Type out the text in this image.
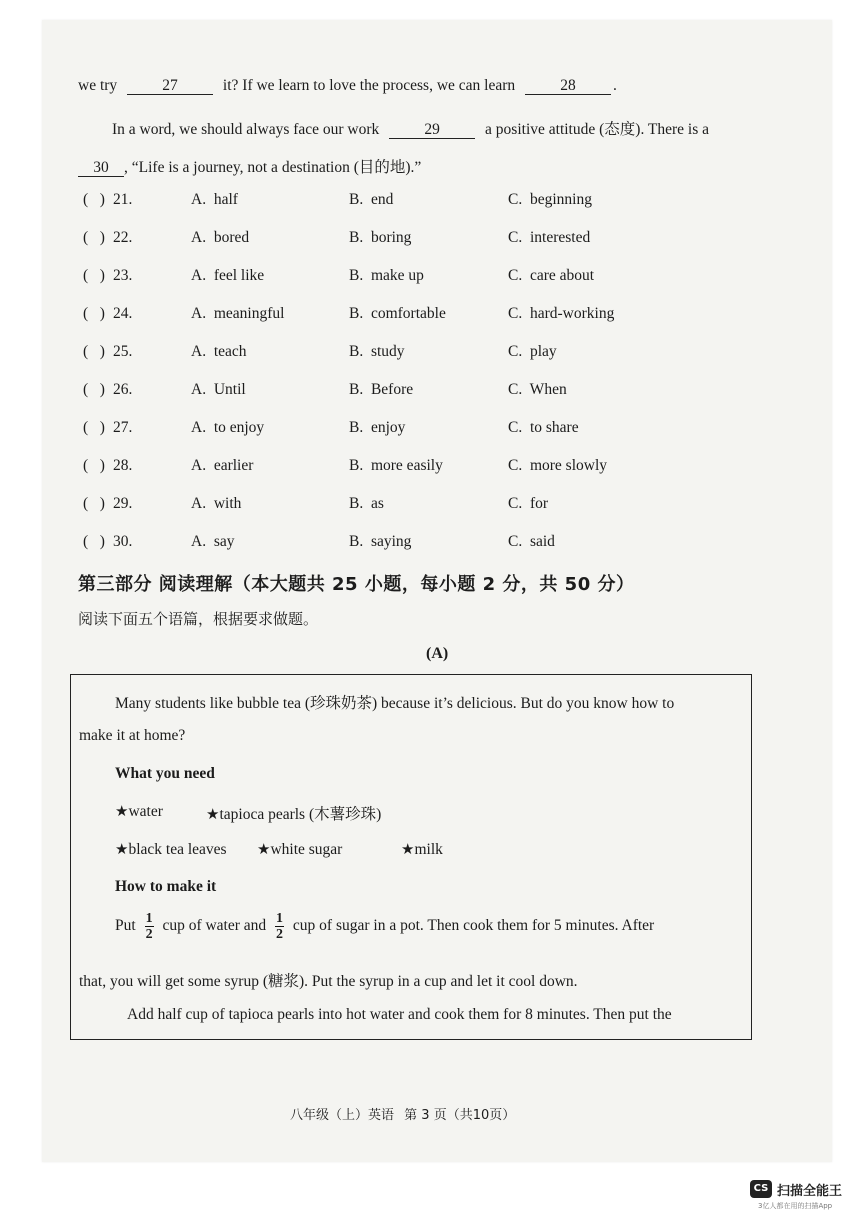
we try	27	it? If we learn to love the process, we can learn	28 .
In a word, we should always face our work	29	a positive attitude (态度). There is a
30 , “Life is a journey, not a destination (目的地).”
(   ) 21.	A.  half	B.  end	C.  beginning
(   ) 22.	A.  bored	B.  boring	C.  interested
(   ) 23.	A.  feel like	B.  make up	C.  care about
(   ) 24.	A.  meaningful	B.  comfortable	C.  hard-working
(   ) 25.	A.  teach	B.  study	C.  play
(   ) 26.	A.  Until	B.  Before	C.  When
(   ) 27.	A.  to enjoy	B.  enjoy	C.  to share
(   ) 28.	A.  earlier	B.  more easily	C.  more slowly
(   ) 29.	A.  with	B.  as	C.  for
(   ) 30.	A.  say	B.  saying	C.  said
第三部分 阅读理解（本大题共 25 小题，每小题 2 分，共 50 分）
阅读下面五个语篇，根据要求做题。
(A)
Many students like bubble tea (珍珠奶茶) because it’s delicious. But do you know how to
make it at home?
What you need
★water	★tapioca pearls (木薯珍珠)
★black tea leaves ★white sugar	★milk
How to make it
Put $\frac{1}{2}$ cup of water and $\frac{1}{2}$ cup of sugar in a pot. Then cook them for 5 minutes. After
that, you will get some syrup (糖浆). Put the syrup in a cup and let it cool down.
Add half cup of tapioca pearls into hot water and cook them for 8 minutes. Then put the
八年级（上）英语 第 3 页（共10页）
CS 扫描全能王
3亿人都在用的扫描App
